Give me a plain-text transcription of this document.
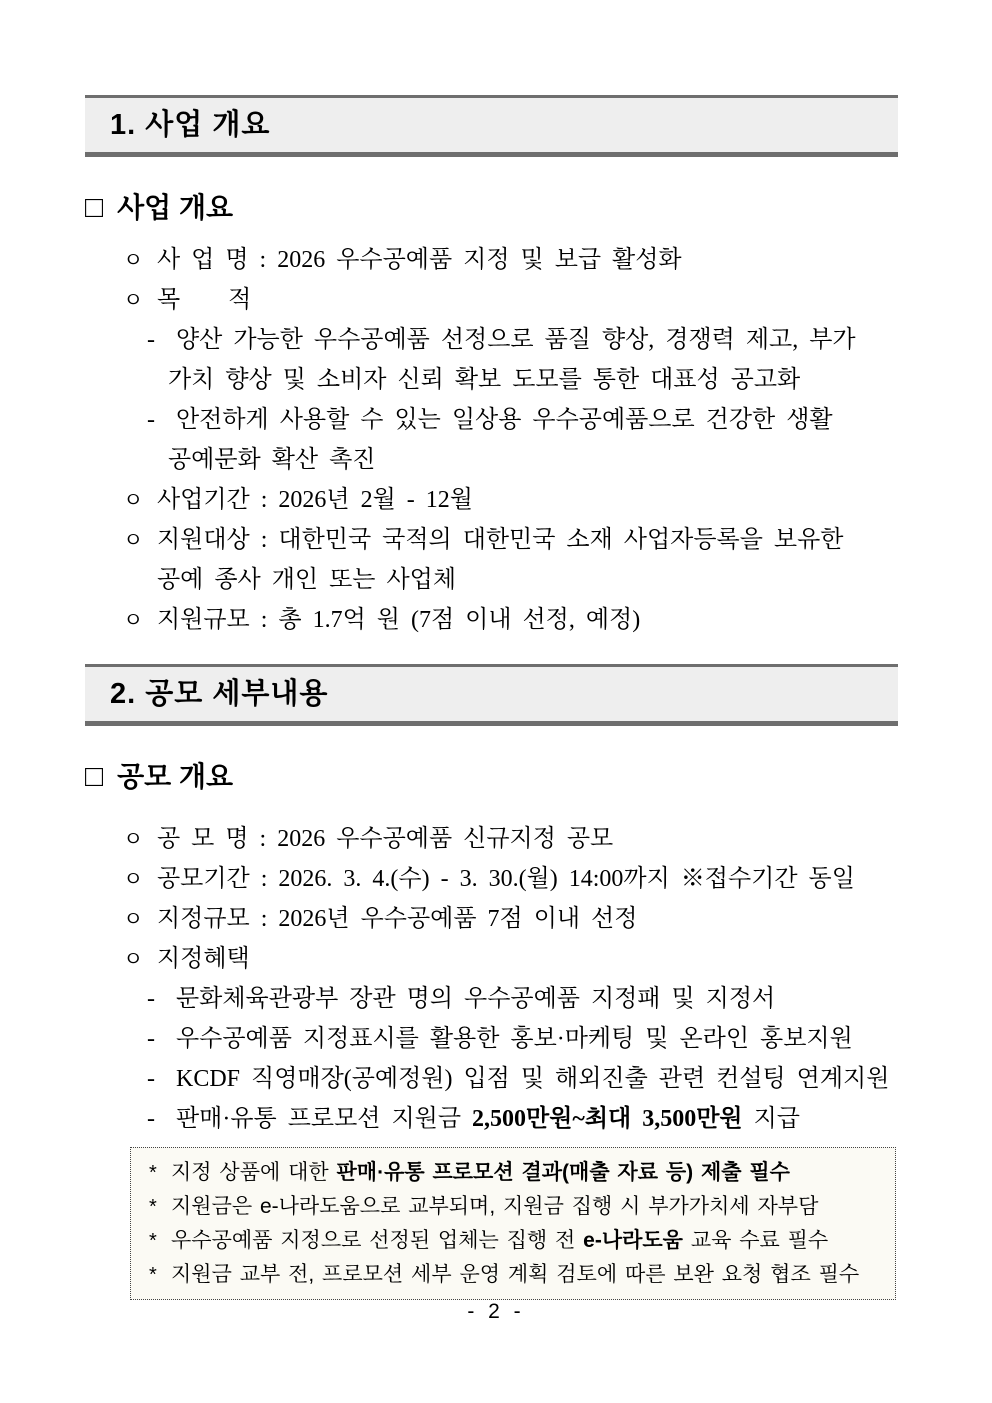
1. 사업 개요
□ 사업 개요
ㅇ 사 업 명 : 2026 우수공예품 지정 및 보급 활성화
ㅇ 목　　적
- 양산 가능한 우수공예품 선정으로 품질 향상, 경쟁력 제고, 부가
가치 향상 및 소비자 신뢰 확보 도모를 통한 대표성 공고화
- 안전하게 사용할 수 있는 일상용 우수공예품으로 건강한 생활
공예문화 확산 촉진
ㅇ 사업기간 : 2026년 2월 - 12월
ㅇ 지원대상 : 대한민국 국적의 대한민국 소재 사업자등록을 보유한
공예 종사 개인 또는 사업체
ㅇ 지원규모 : 총 1.7억 원 (7점 이내 선정, 예정)
2. 공모 세부내용
□ 공모 개요
ㅇ 공 모 명 : 2026 우수공예품 신규지정 공모
ㅇ 공모기간 : 2026. 3. 4.(수) - 3. 30.(월) 14:00까지 ※접수기간 동일
ㅇ 지정규모 : 2026년 우수공예품 7점 이내 선정
ㅇ 지정혜택
- 문화체육관광부 장관 명의 우수공예품 지정패 및 지정서
- 우수공예품 지정표시를 활용한 홍보·마케팅 및 온라인 홍보지원
- KCDF 직영매장(공예정원) 입점 및 해외진출 관련 컨설팅 연계지원
- 판매·유통 프로모션 지원금 2,500만원~최대 3,500만원 지급
* 지정 상품에 대한 판매·유통 프로모션 결과(매출 자료 등) 제출 필수
* 지원금은 e-나라도움으로 교부되며, 지원금 집행 시 부가가치세 자부담
* 우수공예품 지정으로 선정된 업체는 집행 전 e-나라도움 교육 수료 필수
* 지원금 교부 전, 프로모션 세부 운영 계획 검토에 따른 보완 요청 협조 필수
- 2 -
